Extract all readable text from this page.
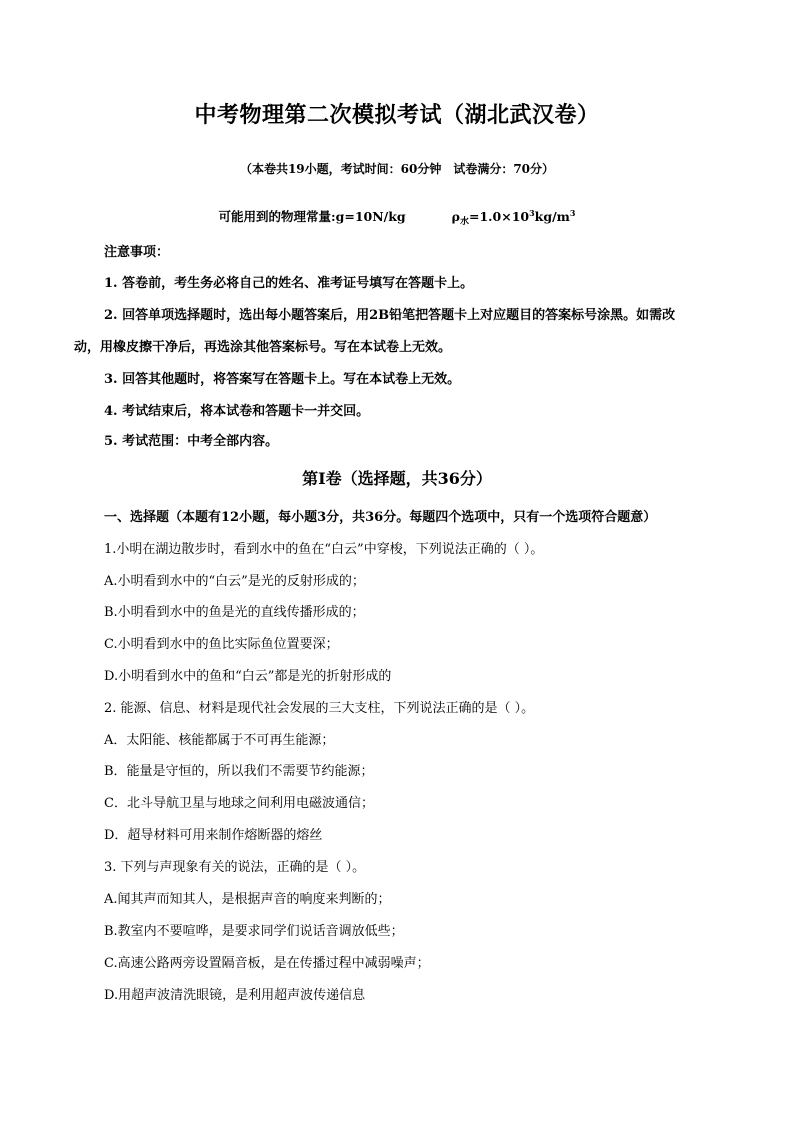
中考物理第二次模拟考试（湖北武汉卷）
（本卷共19小题，考试时间：60分钟　试卷满分：70分）
可能用到的物理常量:g=10N/kg	$\rho_水=1.0\times 10^3kg/m^3$
注意事项：
1. 答卷前，考生务必将自己的姓名、准考证号填写在答题卡上。
2. 回答单项选择题时，选出每小题答案后，用2B铅笔把答题卡上对应题目的答案标号涂黑。如需改
动，用橡皮擦干净后，再选涂其他答案标号。写在本试卷上无效。
3. 回答其他题时，将答案写在答题卡上。写在本试卷上无效。
4. 考试结束后，将本试卷和答题卡一并交回。
5. 考试范围：中考全部内容。
第Ⅰ卷（选择题，共36分）
一、选择题（本题有12小题，每小题3分，共36分。每题四个选项中，只有一个选项符合题意）
1.小明在湖边散步时，看到水中的鱼在“白云”中穿梭，下列说法正确的（ ）。
A.小明看到水中的“白云”是光的反射形成的；
B.小明看到水中的鱼是光的直线传播形成的；
C.小明看到水中的鱼比实际鱼位置要深；
D.小明看到水中的鱼和“白云”都是光的折射形成的
2. 能源、信息、材料是现代社会发展的三大支柱，下列说法正确的是（ ）。
A．太阳能、核能都属于不可再生能源；
B．能量是守恒的，所以我们不需要节约能源；
C．北斗导航卫星与地球之间利用电磁波通信；
D．超导材料可用来制作熔断器的熔丝
3. 下列与声现象有关的说法，正确的是（ ）。
A.闻其声而知其人，是根据声音的响度来判断的；
B.教室内不要喧哗，是要求同学们说话音调放低些；
C.高速公路两旁设置隔音板，是在传播过程中减弱噪声；
D.用超声波清洗眼镜，是利用超声波传递信息
